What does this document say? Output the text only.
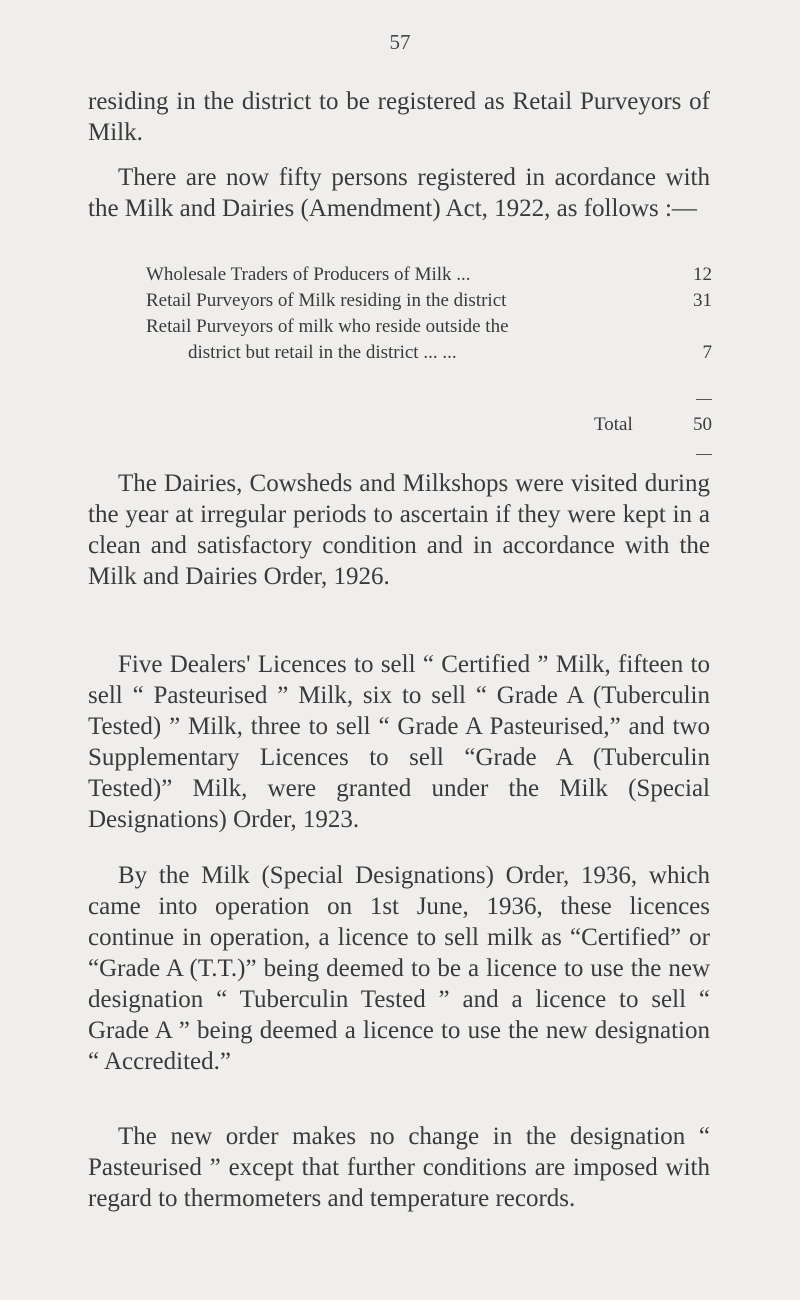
57

residing in the district to be registered as Retail Purveyors of Milk.

There are now fifty persons registered in acordance with the Milk and Dairies (Amendment) Act, 1922, as follows :—

Wholesale Traders of Producers of Milk ...	12
Retail Purveyors of Milk residing in the district	31
Retail Purveyors of milk who reside outside the
district but retail in the district ... ...	7
Total	50

The Dairies, Cowsheds and Milkshops were visited during the year at irregular periods to ascertain if they were kept in a clean and satisfactory condition and in accordance with the Milk and Dairies Order, 1926.

Five Dealers' Licences to sell “ Certified ” Milk, fifteen to sell “ Pasteurised ” Milk, six to sell “ Grade A (Tuberculin Tested) ” Milk, three to sell “ Grade A Pasteurised,” and two Supplementary Licences to sell “Grade A (Tuberculin Tested)” Milk, were granted under the Milk (Special Designations) Order, 1923.

By the Milk (Special Designations) Order, 1936, which came into operation on 1st June, 1936, these licences continue in operation, a licence to sell milk as “Certified” or “Grade A (T.T.)” being deemed to be a licence to use the new designation “ Tuberculin Tested ” and a licence to sell “ Grade A ” being deemed a licence to use the new designation “ Accredited.”

The new order makes no change in the designation “ Pasteurised ” except that further conditions are imposed with regard to thermometers and temperature records.
